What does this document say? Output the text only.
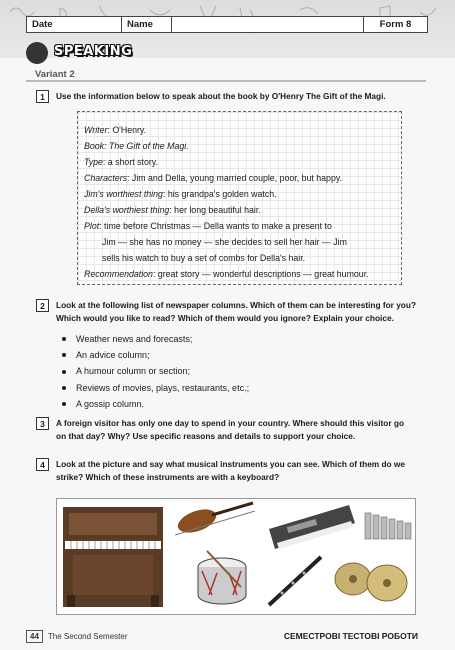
Date	Name	Form 8
SPEAKING
Variant 2
1	Use the information below to speak about the book by O'Henry The Gift of the Magi.
Writer: O'Henry.
Book: The Gift of the Magi.
Type: a short story.
Characters: Jim and Della, young married couple, poor, but happy.
Jim's worthiest thing: his grandpa's golden watch.
Della's worthiest thing: her long beautiful hair.
Plot: time before Christmas — Della wants to make a present to
Jim — she has no money — she decides to sell her hair — Jim
sells his watch to buy a set of combs for Della's hair.
Recommendation: great story — wonderful descriptions — great humour.
2	Look at the following list of newspaper columns. Which of them can be interesting for you?
Which would you like to read? Which of them would you ignore? Explain your choice.
Weather news and forecasts;
An advice column;
A humour column or section;
Reviews of movies, plays, restaurants, etc.;
A gossip column.
3	A foreign visitor has only one day to spend in your country. Where should this visitor go
on that day? Why? Use specific reasons and details to support your choice.
4	Look at the picture and say what musical instruments you can see. Which of them do we
strike? Which of these instruments are with a keyboard?
44 The Second Semester	СЕМЕСТРОВІ ТЕСТОВІ РОБОТИ
